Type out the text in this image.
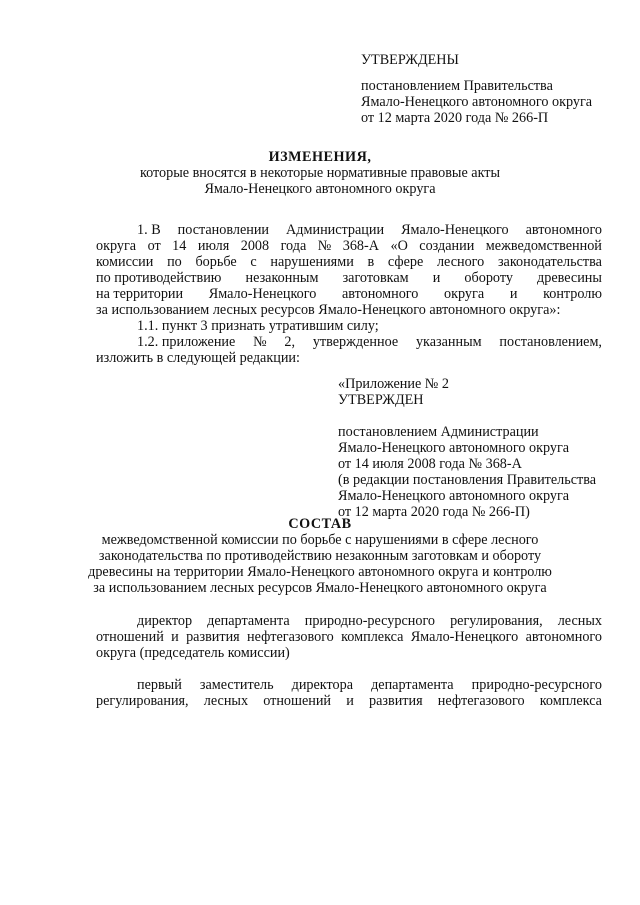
УТВЕРЖДЕНЫ
постановлением Правительства
Ямало-Ненецкого автономного округа
от 12 марта 2020 года № 266-П
ИЗМЕНЕНИЯ,
которые вносятся в некоторые нормативные правовые акты
Ямало-Ненецкого автономного округа
1. В постановлении Администрации Ямало-Ненецкого автономного
округа от 14 июля 2008 года № 368-А «О создании межведомственной
комиссии по борьбе с нарушениями в сфере лесного законодательства
по противодействию незаконным заготовкам и обороту древесины
на территории Ямало-Ненецкого автономного округа и контролю
за использованием лесных ресурсов Ямало-Ненецкого автономного округа»:
1.1. пункт 3 признать утратившим силу;
1.2. приложение № 2, утвержденное указанным постановлением,
изложить в следующей редакции:
«Приложение № 2
УТВЕРЖДЕН
постановлением Администрации
Ямало-Ненецкого автономного округа
от 14 июля 2008 года № 368-А
(в редакции постановления Правительства
Ямало-Ненецкого автономного округа
от 12 марта 2020 года № 266-П)
СОСТАВ
межведомственной комиссии по борьбе с нарушениями в сфере лесного
законодательства по противодействию незаконным заготовкам и обороту
древесины на территории Ямало-Ненецкого автономного округа и контролю
за использованием лесных ресурсов Ямало-Ненецкого автономного округа
директор департамента природно-ресурсного регулирования, лесных
отношений и развития нефтегазового комплекса Ямало-Ненецкого автономного
округа (председатель комиссии)
первый заместитель директора департамента природно-ресурсного
регулирования, лесных отношений и развития нефтегазового комплекса
